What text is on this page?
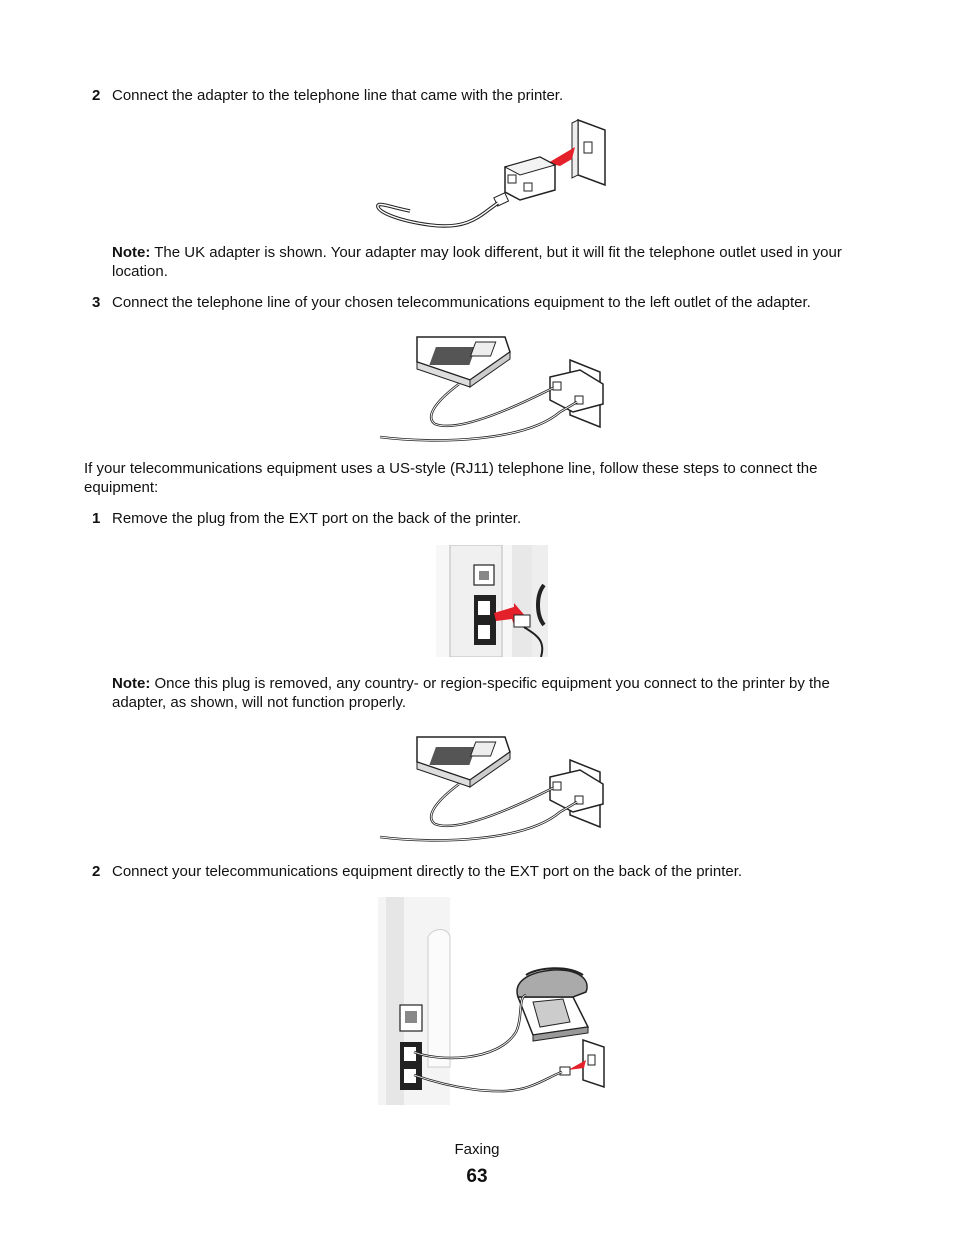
2 Connect the adapter to the telephone line that came with the printer.
Note: The UK adapter is shown. Your adapter may look different, but it will fit the telephone outlet used in your location.
3 Connect the telephone line of your chosen telecommunications equipment to the left outlet of the adapter.
If your telecommunications equipment uses a US-style (RJ11) telephone line, follow these steps to connect the equipment:
1 Remove the plug from the EXT port on the back of the printer.
Note: Once this plug is removed, any country- or region-specific equipment you connect to the printer by the adapter, as shown, will not function properly.
2 Connect your telecommunications equipment directly to the EXT port on the back of the printer.
Faxing
63
